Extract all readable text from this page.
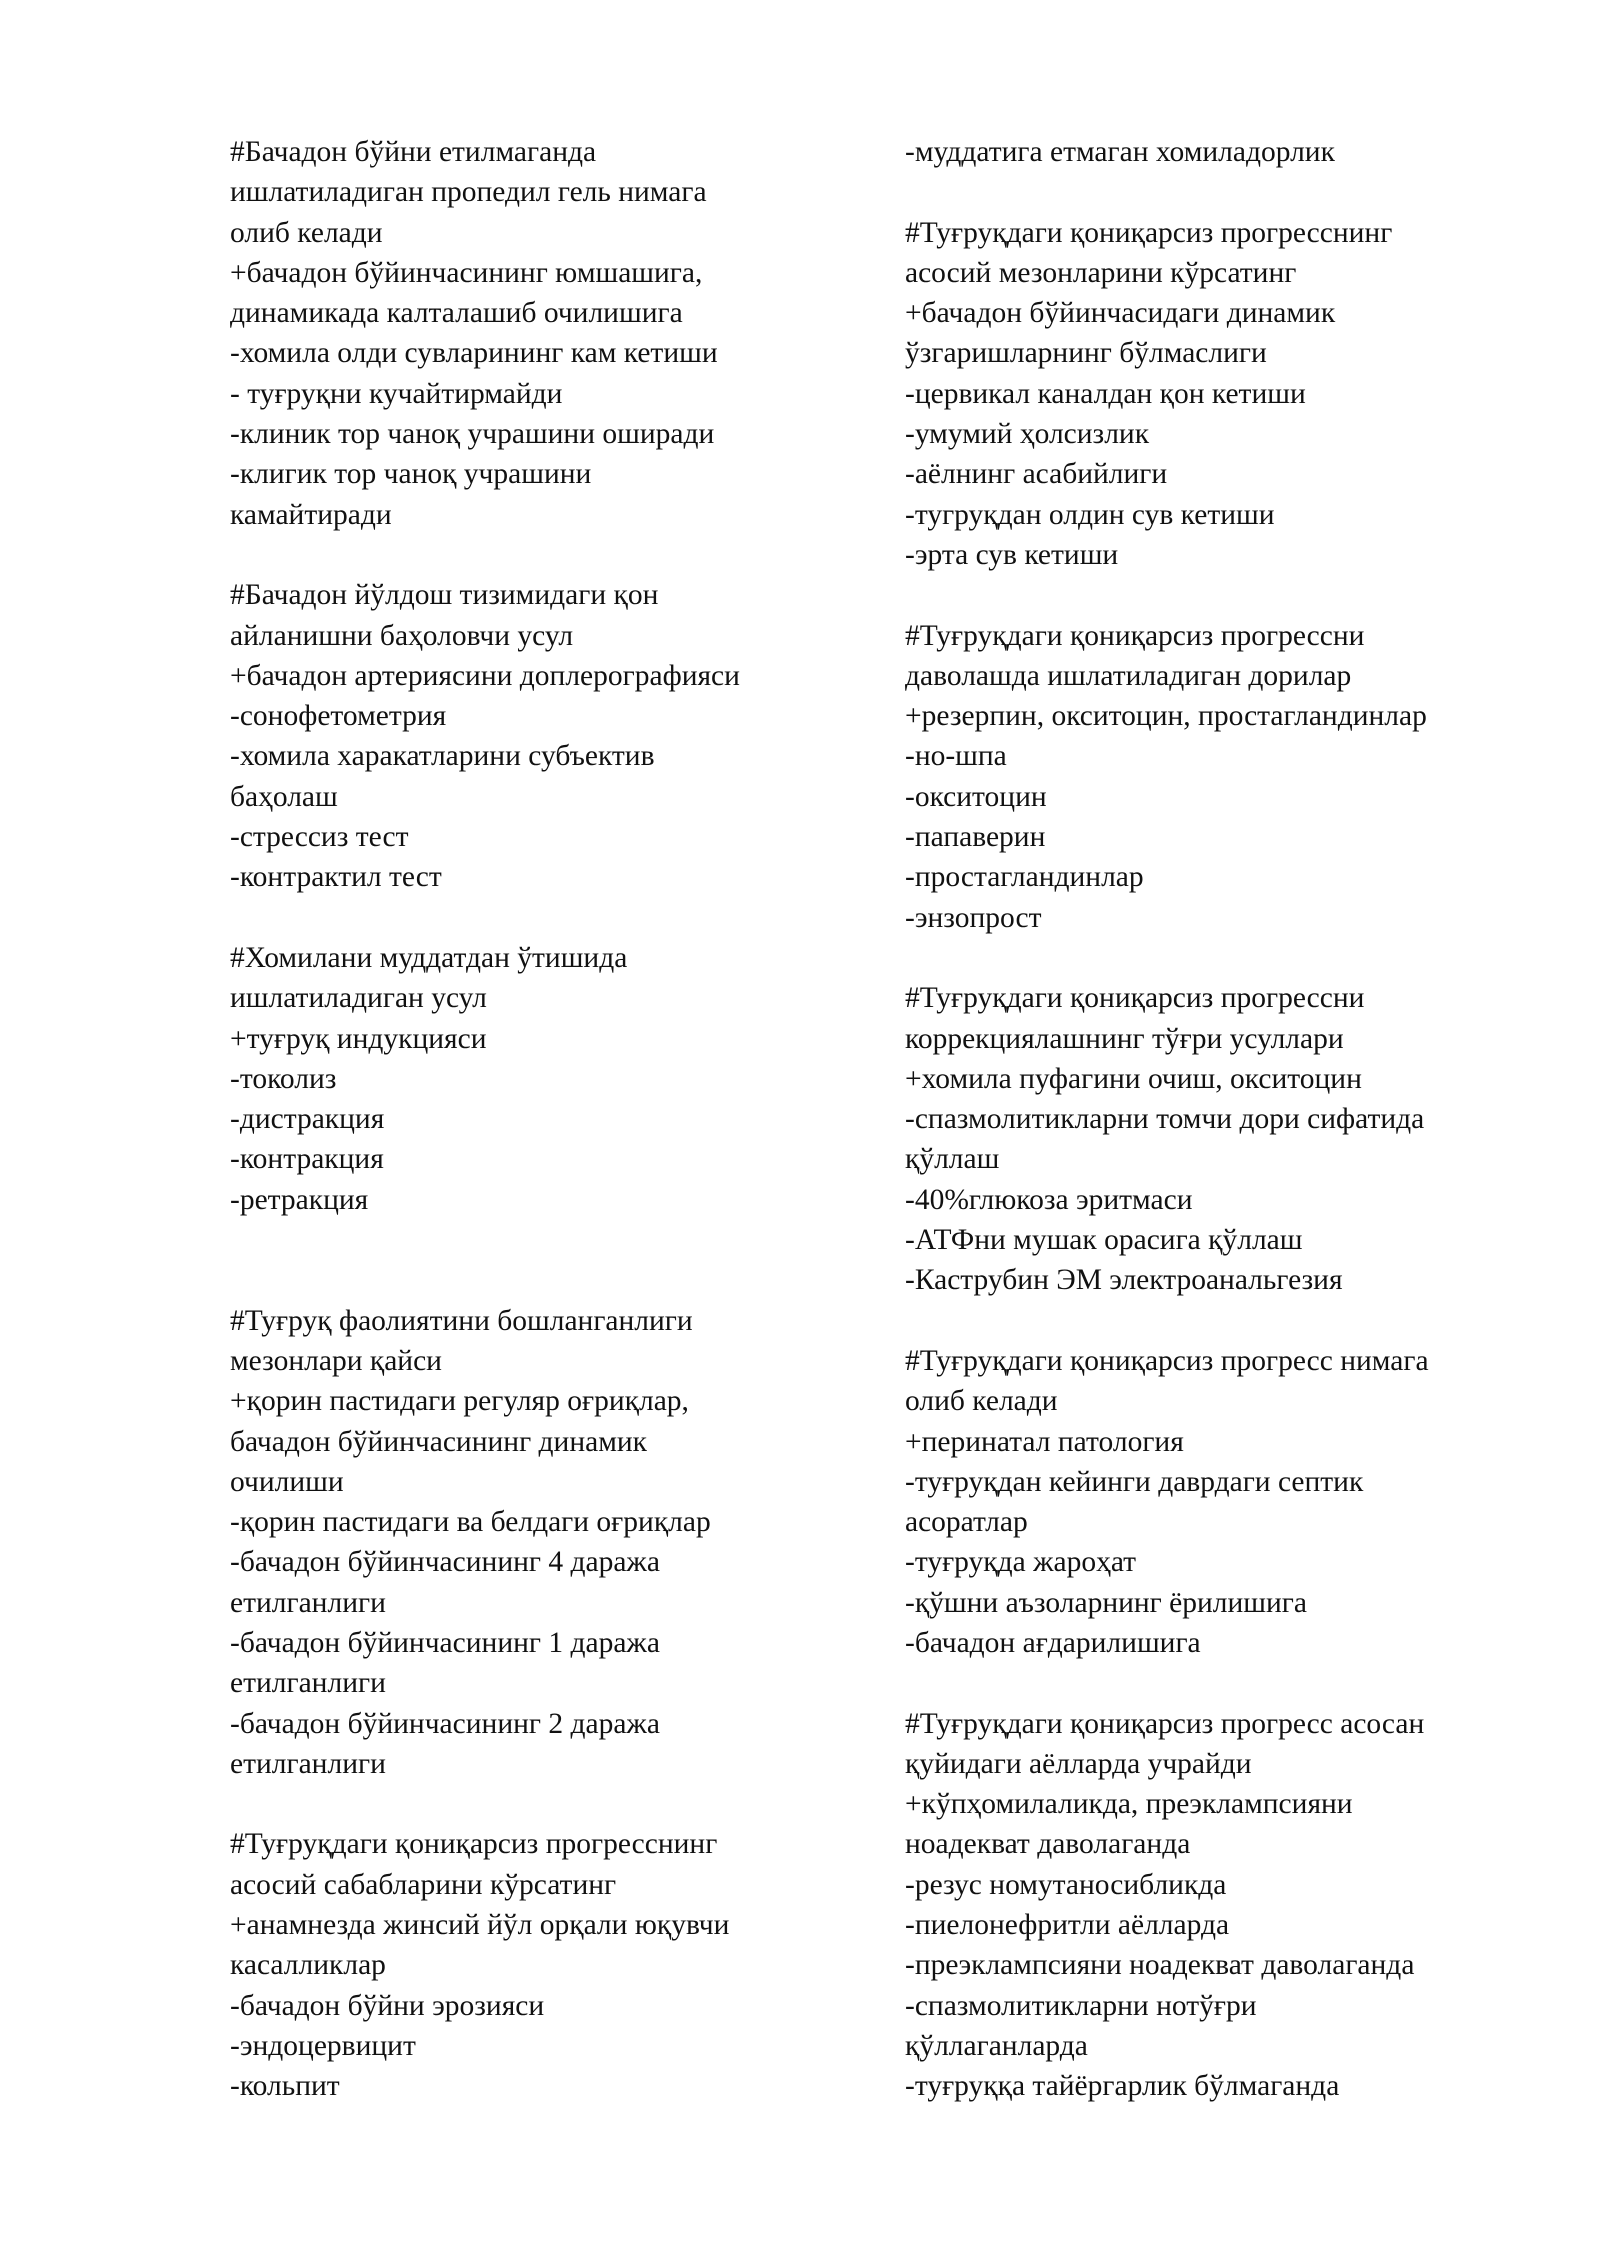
#Бачадон бўйни етилмаганда
ишлатиладиган пропедил гель нимага
олиб келади
+бачадон бўйинчасининг юмшашига,
динамикада калталашиб очилишига
-хомила олди сувларининг кам кетиши
- туғруқни кучайтирмайди
-клиник тор чаноқ учрашини оширади
-клигик тор чаноқ учрашини
камайтиради
#Бачадон йўлдош тизимидаги қон
айланишни баҳоловчи усул
+бачадон артериясини доплерографияси
-сонофетометрия
-хомила харакатларини субъектив
баҳолаш
-стрессиз тест
-контрактил тест
#Хомилани муддатдан ўтишида
ишлатиладиган усул
+туғруқ индукцияси
-токолиз
-дистракция
-контракция
-ретракция
#Туғруқ фаолиятини бошланганлиги
мезонлари қайси
+қорин пастидаги регуляр оғриқлар,
бачадон бўйинчасининг динамик
очилиши
-қорин пастидаги ва белдаги оғриқлар
-бачадон бўйинчасининг 4 даража
етилганлиги
-бачадон бўйинчасининг 1 даража
етилганлиги
-бачадон бўйинчасининг 2 даража
етилганлиги
#Туғруқдаги қониқарсиз прогресснинг
асосий сабабларини кўрсатинг
+анамнезда жинсий йўл орқали юқувчи
касалликлар
-бачадон бўйни эрозияси
-эндоцервицит
-кольпит
-муддатига етмаган хомиладорлик
#Туғруқдаги қониқарсиз прогресснинг
асосий мезонларини кўрсатинг
+бачадон бўйинчасидаги динамик
ўзгаришларнинг бўлмаслиги
-цервикал каналдан қон кетиши
-умумий ҳолсизлик
-аёлнинг асабийлиги
-тугруқдан олдин сув кетиши
-эрта сув кетиши
#Туғруқдаги қониқарсиз прогрессни
даволашда ишлатиладиган дорилар
+резерпин, окситоцин, простагландинлар
-но-шпа
-окситоцин
-папаверин
-простагландинлар
-энзопрост
#Туғруқдаги қониқарсиз прогрессни
коррекциялашнинг тўғри усуллари
+хомила пуфагини очиш, окситоцин
-спазмолитикларни томчи дори сифатида
қўллаш
-40%глюкоза эритмаси
-АТФни мушак орасига қўллаш
-Каструбин ЭМ электроанальгезия
#Туғруқдаги қониқарсиз прогресс нимага
олиб келади
+перинатал патология
-туғруқдан кейинги даврдаги септик
асоратлар
-туғруқда жароҳат
-қўшни аъзоларнинг ёрилишига
-бачадон ағдарилишига
#Туғруқдаги қониқарсиз прогресс асосан
қуйидаги аёлларда учрайди
+кўпҳомилаликда, преэклампсияни
ноадекват даволаганда
-резус номутаносибликда
-пиелонефритли аёлларда
-преэклампсияни ноадекват даволаганда
-спазмолитикларни нотўғри
қўллаганларда
-туғруққа тайёргарлик бўлмаганда
